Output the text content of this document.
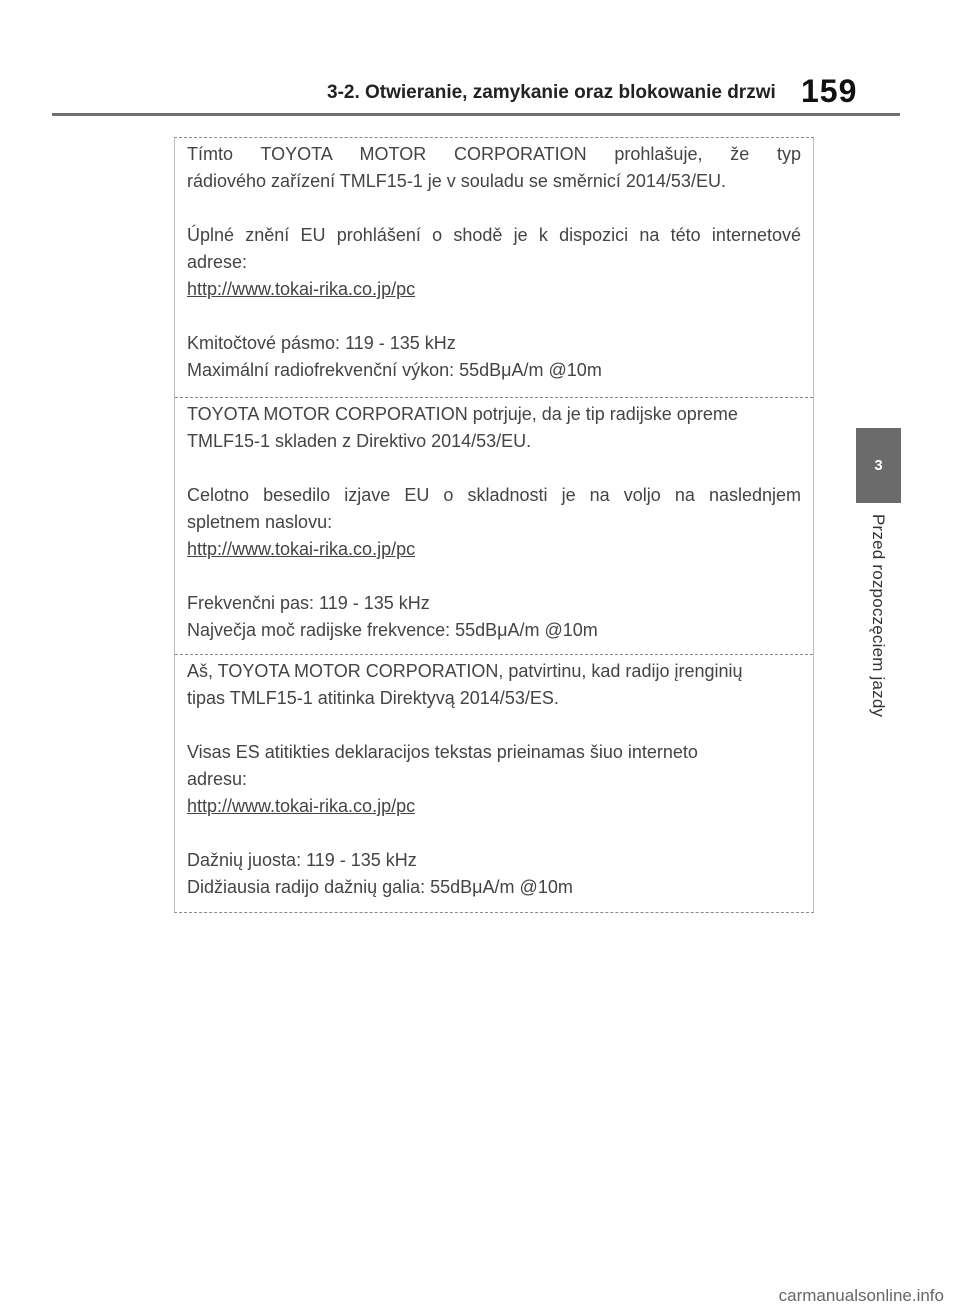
3-2. Otwieranie, zamykanie oraz blokowanie drzwi 159
3
Przed rozpoczęciem jazdy

Tímto TOYOTA MOTOR CORPORATION prohlašuje, že typ

rádiového zařízení TMLF15-1 je v souladu se směrnicí 2014/53/EU.

Úplné znění EU prohlášení o shodě je k dispozici na této internetové

adrese:

http://www.tokai-rika.co.jp/pc

Kmitočtové pásmo: 119 - 135 kHz

Maximální radiofrekvenční výkon: 55dBμA/m @10m

TOYOTA MOTOR CORPORATION potrjuje, da je tip radijske opreme

TMLF15-1 skladen z Direktivo 2014/53/EU.

Celotno besedilo izjave EU o skladnosti je na voljo na naslednjem

spletnem naslovu:

http://www.tokai-rika.co.jp/pc

Frekvenčni pas: 119 - 135 kHz

Največja moč radijske frekvence: 55dBμA/m @10m

Aš, TOYOTA MOTOR CORPORATION, patvirtinu, kad radijo įrenginių

tipas TMLF15-1 atitinka Direktyvą 2014/53/ES.

Visas ES atitikties deklaracijos tekstas prieinamas šiuo interneto

adresu:

http://www.tokai-rika.co.jp/pc

Dažnių juosta: 119 - 135 kHz

Didžiausia radijo dažnių galia: 55dBμA/m @10m

carmanualsonline.info
